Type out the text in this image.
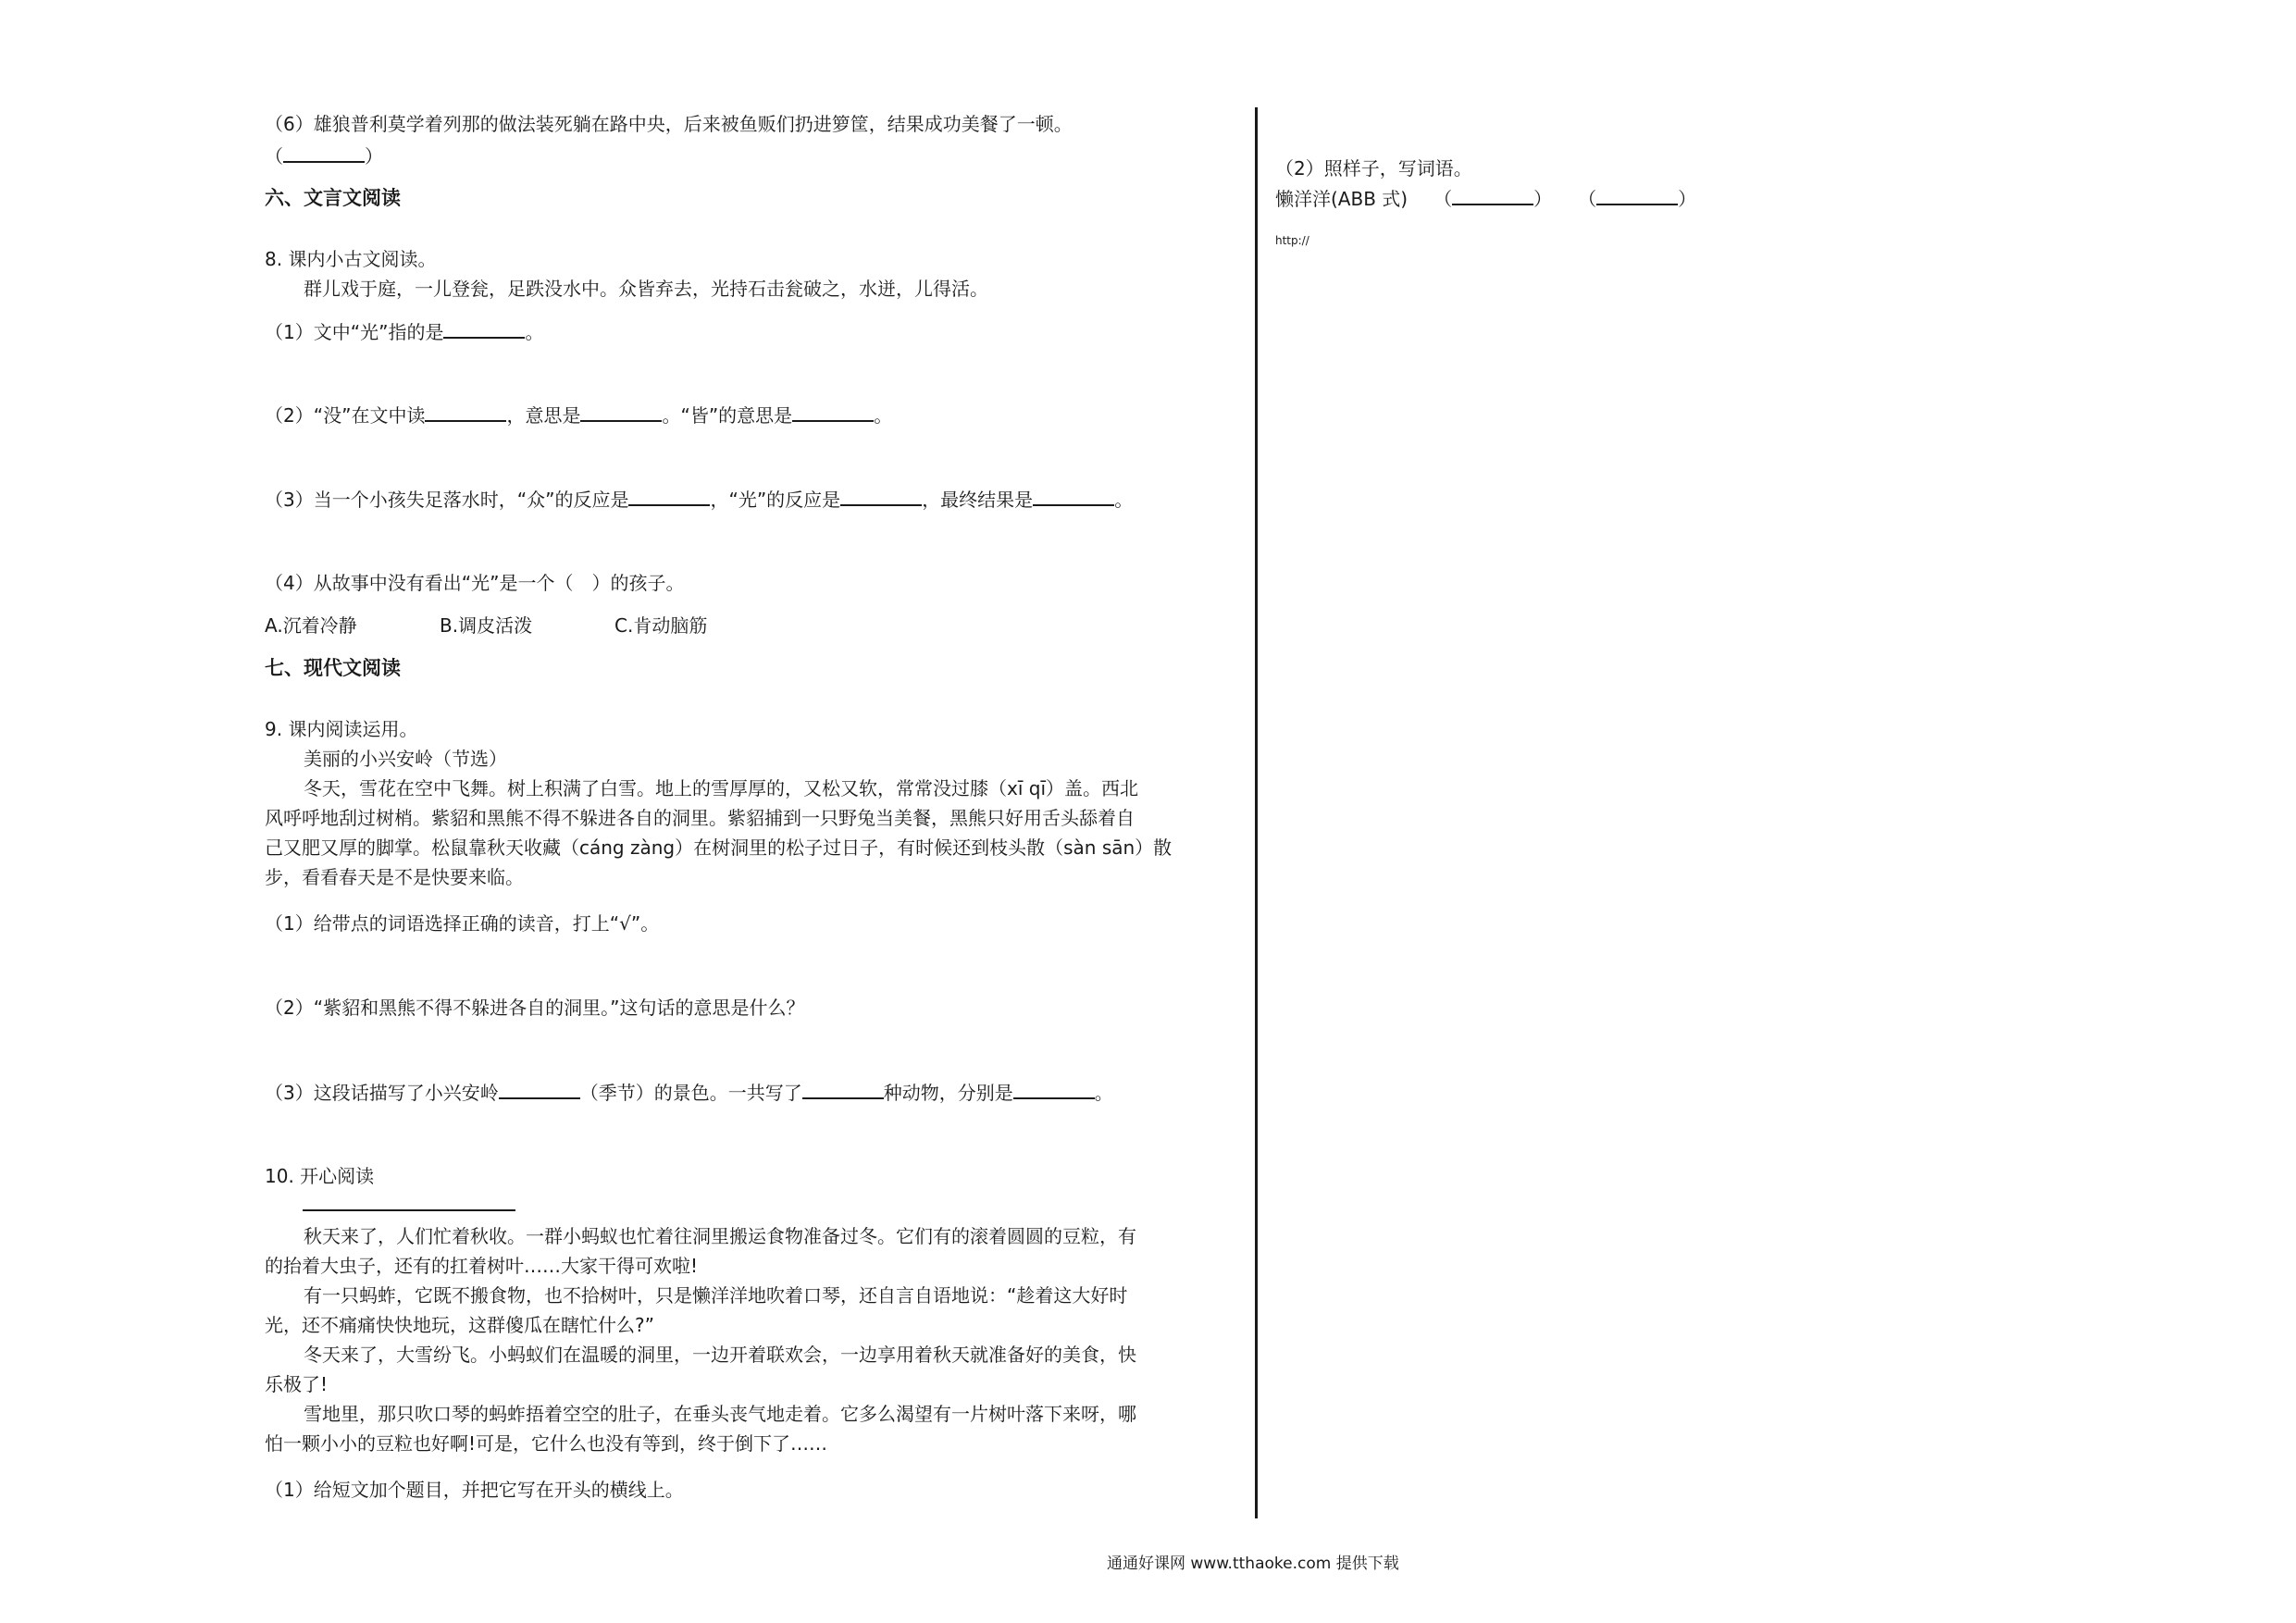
（6）雄狼普利莫学着列那的做法装死躺在路中央，后来被鱼贩们扔进箩筐，结果成功美餐了一顿。
（	）
六、文言文阅读
8. 课内小古文阅读。
群儿戏于庭，一儿登瓮，足跌没水中。众皆弃去，光持石击瓮破之，水迸，儿得活。
（1）文中“光”指的是	。
（2）“没”在文中读	，意思是	。“皆”的意思是	。
（3）当一个小孩失足落水时，“众”的反应是	，“光”的反应是	，最终结果是	。
（4）从故事中没有看出“光”是一个（　）的孩子。
A.沉着冷静	B.调皮活泼	C.肯动脑筋
七、现代文阅读
9. 课内阅读运用。
美丽的小兴安岭（节选）
冬天，雪花在空中飞舞。树上积满了白雪。地上的雪厚厚的，又松又软，常常没过膝（xī qī）盖。西北
风呼呼地刮过树梢。紫貂和黑熊不得不躲进各自的洞里。紫貂捕到一只野兔当美餐，黑熊只好用舌头舔着自
己又肥又厚的脚掌。松鼠靠秋天收藏（cáng zàng）在树洞里的松子过日子，有时候还到枝头散（sàn sān）散
步，看看春天是不是快要来临。
（1）给带点的词语选择正确的读音，打上“√”。
（2）“紫貂和黑熊不得不躲进各自的洞里。”这句话的意思是什么？
（3）这段话描写了小兴安岭	（季节）的景色。一共写了	种动物，分别是	。
10. 开心阅读
秋天来了，人们忙着秋收。一群小蚂蚁也忙着往洞里搬运食物准备过冬。它们有的滚着圆圆的豆粒，有
的抬着大虫子，还有的扛着树叶……大家干得可欢啦!
有一只蚂蚱，它既不搬食物，也不拾树叶，只是懒洋洋地吹着口琴，还自言自语地说：“趁着这大好时
光，还不痛痛快快地玩，这群傻瓜在瞎忙什么?”
冬天来了，大雪纷飞。小蚂蚁们在温暖的洞里，一边开着联欢会，一边享用着秋天就准备好的美食，快
乐极了!
雪地里，那只吹口琴的蚂蚱捂着空空的肚子，在垂头丧气地走着。它多么渴望有一片树叶落下来呀，哪
怕一颗小小的豆粒也好啊!可是，它什么也没有等到，终于倒下了……
（1）给短文加个题目，并把它写在开头的横线上。
（2）照样子，写词语。
懒洋洋(ABB 式) （	） （	）
http://
通通好课网 www.tthaoke.com 提供下载
